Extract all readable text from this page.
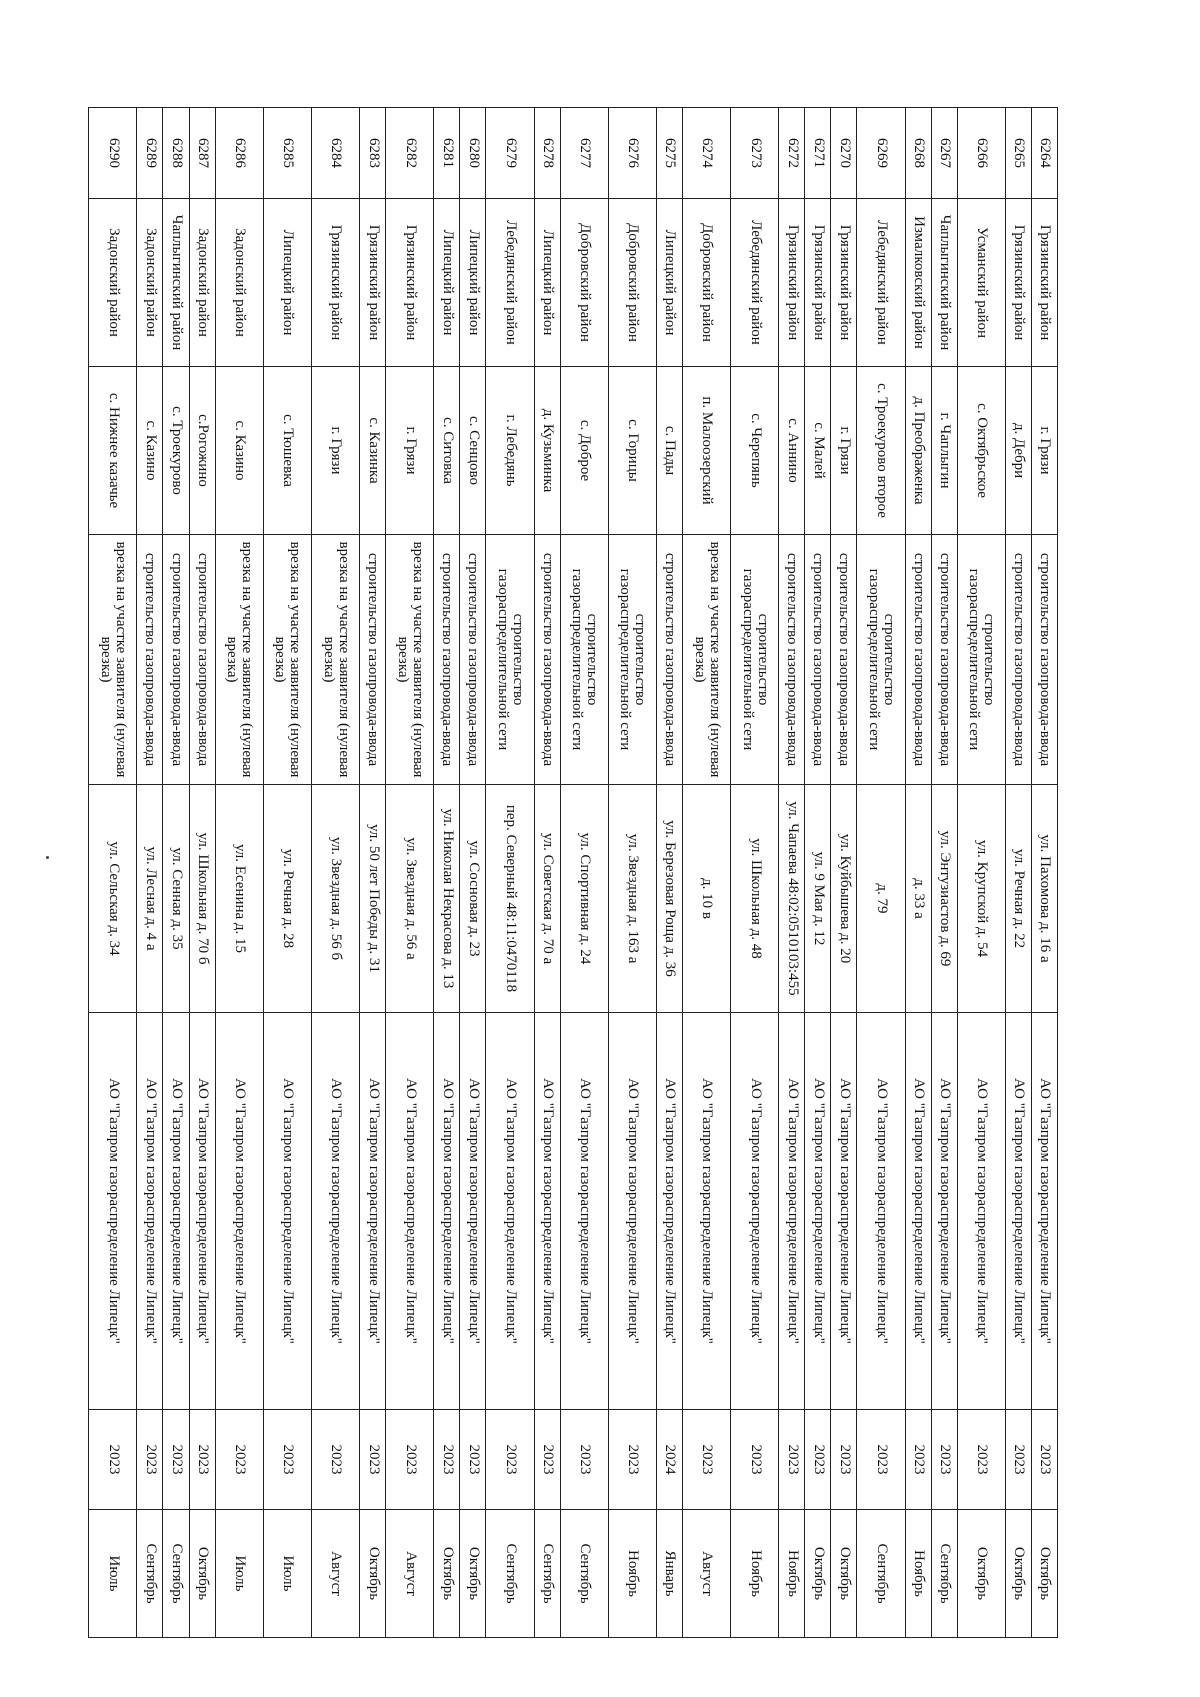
6264	Грязинский район	г. Грязи	строительство газопровода-ввода	ул. Пахомова д. 16 а	АО "Газпром газораспределение Липецк"	2023	Октябрь
6265	Грязинский район	д. Дебри	строительство газопровода-ввода	ул. Речная д. 22	АО "Газпром газораспределение Липецк"	2023	Октябрь
6266	Усманский район	с. Октябрьское	строительство газораспределительной сети	ул. Крупской д. 54	АО "Газпром газораспределение Липецк"	2023	Октябрь
6267	Чаплыгинский район	г. Чаплыгин	строительство газопровода-ввода	ул. Энтузиастов д. 69	АО "Газпром газораспределение Липецк"	2023	Сентябрь
6268	Измалковский район	д. Преображенка	строительство газопровода-ввода	д. 33 а	АО "Газпром газораспределение Липецк"	2023	Ноябрь
6269	Лебедянский район	с. Троекурово второе	строительство газораспределительной сети	д. 79	АО "Газпром газораспределение Липецк"	2023	Сентябрь
6270	Грязинский район	г. Грязи	строительство газопровода-ввода	ул. Куйбышева д. 20	АО "Газпром газораспределение Липецк"	2023	Октябрь
6271	Грязинский район	с. Малей	строительство газопровода-ввода	ул. 9 Мая д. 12	АО "Газпром газораспределение Липецк"	2023	Октябрь
6272	Грязинский район	с. Аннино	строительство газопровода-ввода	ул. Чапаева 48:02:0510103:455	АО "Газпром газораспределение Липецк"	2023	Ноябрь
6273	Лебедянский район	с. Черепянь	строительство газораспределительной сети	ул. Школьная д. 48	АО "Газпром газораспределение Липецк"	2023	Ноябрь
6274	Добровский район	п. Малоозерский	врезка на участке заявителя (нулевая врезка)	д. 10 в	АО "Газпром газораспределение Липецк"	2023	Август
6275	Липецкий район	с. Пады	строительство газопровода-ввода	ул. Березовая Роща д. 36	АО "Газпром газораспределение Липецк"	2024	Январь
6276	Добровский район	с. Горицы	строительство газораспределительной сети	ул. Звездная д. 163 а	АО "Газпром газораспределение Липецк"	2023	Ноябрь
6277	Добровский район	с. Доброе	строительство газораспределительной сети	ул. Спортивная д. 24	АО "Газпром газораспределение Липецк"	2023	Сентябрь
6278	Липецкий район	д. Кузьминка	строительство газопровода-ввода	ул. Советская д. 70 а	АО "Газпром газораспределение Липецк"	2023	Сентябрь
6279	Лебедянский район	г. Лебедянь	строительство газораспределительной сети	пер. Северный 48:11:0470118	АО "Газпром газораспределение Липецк"	2023	Сентябрь
6280	Липецкий район	с. Сенцово	строительство газопровода-ввода	ул. Сосновая д. 23	АО "Газпром газораспределение Липецк"	2023	Октябрь
6281	Липецкий район	с. Ситовка	строительство газопровода-ввода	ул. Николая Некрасова д. 13	АО "Газпром газораспределение Липецк"	2023	Октябрь
6282	Грязинский район	г. Грязи	врезка на участке заявителя (нулевая врезка)	ул. Звездная д. 56 а	АО "Газпром газораспределение Липецк"	2023	Август
6283	Грязинский район	с. Казинка	строительство газопровода-ввода	ул. 50 лет Победы д. 31	АО "Газпром газораспределение Липецк"	2023	Октябрь
6284	Грязинский район	г. Грязи	врезка на участке заявителя (нулевая врезка)	ул. Звездная д. 56 б	АО "Газпром газораспределение Липецк"	2023	Август
6285	Липецкий район	с. Тюшевка	врезка на участке заявителя (нулевая врезка)	ул. Речная д. 28	АО "Газпром газораспределение Липецк"	2023	Июль
6286	Задонский район	с. Казино	врезка на участке заявителя (нулевая врезка)	ул. Есенина д. 15	АО "Газпром газораспределение Липецк"	2023	Июль
6287	Задонский район	с.Рогожино	строительство газопровода-ввода	ул. Школьная д. 70 б	АО "Газпром газораспределение Липецк"	2023	Октябрь
6288	Чаплыгинский район	с. Троекурово	строительство газопровода-ввода	ул. Сенная д. 35	АО "Газпром газораспределение Липецк"	2023	Сентябрь
6289	Задонский район	с. Казино	строительство газопровода-ввода	ул. Лесная д. 4 а	АО "Газпром газораспределение Липецк"	2023	Сентябрь
6290	Задонский район	с. Нижнее казачье	врезка на участке заявителя (нулевая врезка)	ул. Сельская д. 34	АО "Газпром газораспределение Липецк"	2023	Июль
